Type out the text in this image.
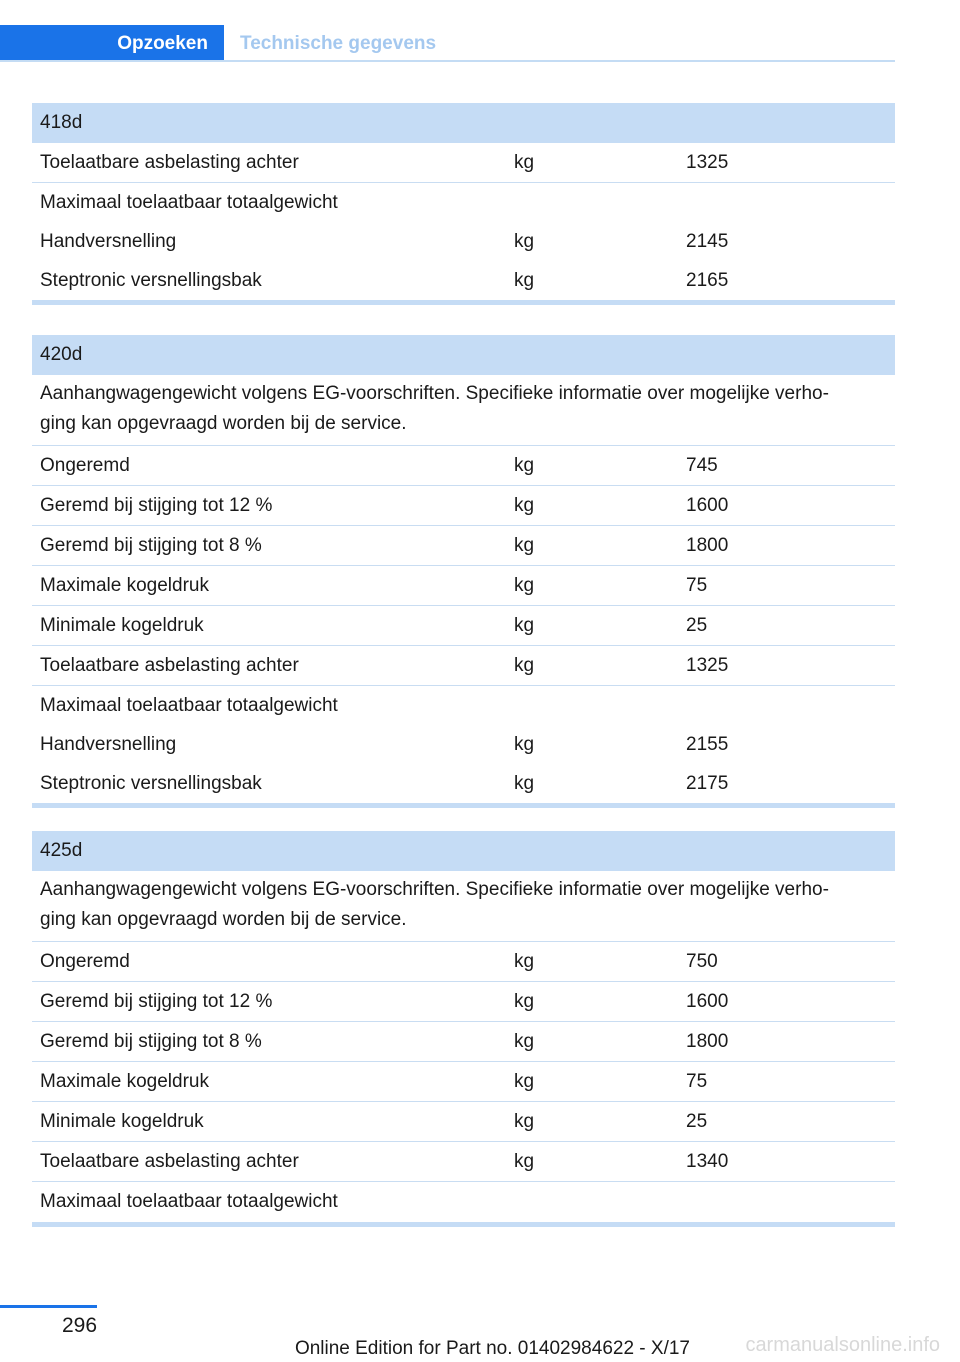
Opzoeken	Technische gegevens
418d
Toelaatbare asbelasting achter	kg	1325
Maximaal toelaatbaar totaalgewicht
Handversnelling	kg	2145
Steptronic versnellingsbak	kg	2165
420d
Aanhangwagengewicht volgens EG-voorschriften. Specifieke informatie over mogelijke verho-
ging kan opgevraagd worden bij de service.
Ongeremd	kg	745
Geremd bij stijging tot 12 %	kg	1600
Geremd bij stijging tot 8 %	kg	1800
Maximale kogeldruk	kg	75
Minimale kogeldruk	kg	25
Toelaatbare asbelasting achter	kg	1325
Maximaal toelaatbaar totaalgewicht
Handversnelling	kg	2155
Steptronic versnellingsbak	kg	2175
425d
Aanhangwagengewicht volgens EG-voorschriften. Specifieke informatie over mogelijke verho-
ging kan opgevraagd worden bij de service.
Ongeremd	kg	750
Geremd bij stijging tot 12 %	kg	1600
Geremd bij stijging tot 8 %	kg	1800
Maximale kogeldruk	kg	75
Minimale kogeldruk	kg	25
Toelaatbare asbelasting achter	kg	1340
Maximaal toelaatbaar totaalgewicht
296
Online Edition for Part no. 01402984622 - X/17	carmanualsonline.info
